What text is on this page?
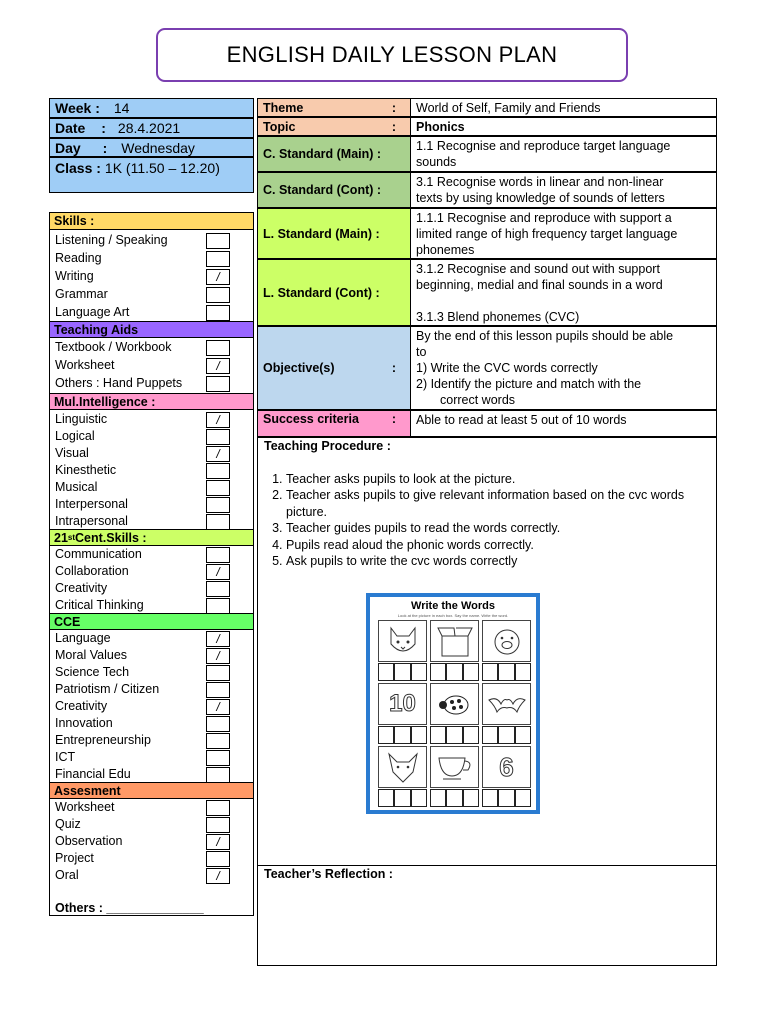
ENGLISH DAILY LESSON PLAN
Week : 14
Date : 28.4.2021
Day : Wednesday
Class : 1K (11.50 – 12.20)
Skills :
Listening / Speaking
Reading
Writing	/
Grammar
Language Art
Teaching Aids
Textbook / Workbook
Worksheet	/
Others : Hand Puppets
Mul.Intelligence :
Linguistic	/
Logical
Visual	/
Kinesthetic
Musical
Interpersonal
Intrapersonal
21 st Cent.Skills :
Communication
Collaboration	/
Creativity
Critical Thinking
CCE
Language	/
Moral Values	/
Science Tech
Patriotism / Citizen
Creativity	/
Innovation
Entrepreneurship
ICT
Financial Edu
Assesment
Worksheet
Quiz
Observation	/
Project
Oral	/
Others : ______________
Theme	:	World of Self, Family and Friends
Topic	:	Phonics
C. Standard (Main) :
1.1 Recognise and reproduce target language
sounds
C. Standard (Cont) :
3.1 Recognise words in linear and non-linear
texts by using knowledge of sounds of letters
L. Standard (Main) :
1.1.1 Recognise and reproduce with support a
limited range of high frequency target language
phonemes
L. Standard (Cont) :
3.1.2 Recognise and sound out with support
beginning, medial and final sounds in a word
3.1.3 Blend phonemes (CVC)
Objective(s)	:
By the end of this lesson pupils should be able
to
1) Write the CVC words correctly
2) Identify the picture and match with the
correct words
Success criteria	:	Able to read at least 5 out of 10 words
Teaching Procedure :
1. Teacher asks pupils to look at the picture.
2. Teacher asks pupils to give relevant information based on the cvc words picture.
3. Teacher guides pupils to read the words correctly.
4. Pupils read aloud the phonic words correctly.
5. Ask pupils to write the cvc words correctly
Teacher’s Reflection :
Write the Words
Look at the picture in each box. Say the name. Write the word.
10
6
